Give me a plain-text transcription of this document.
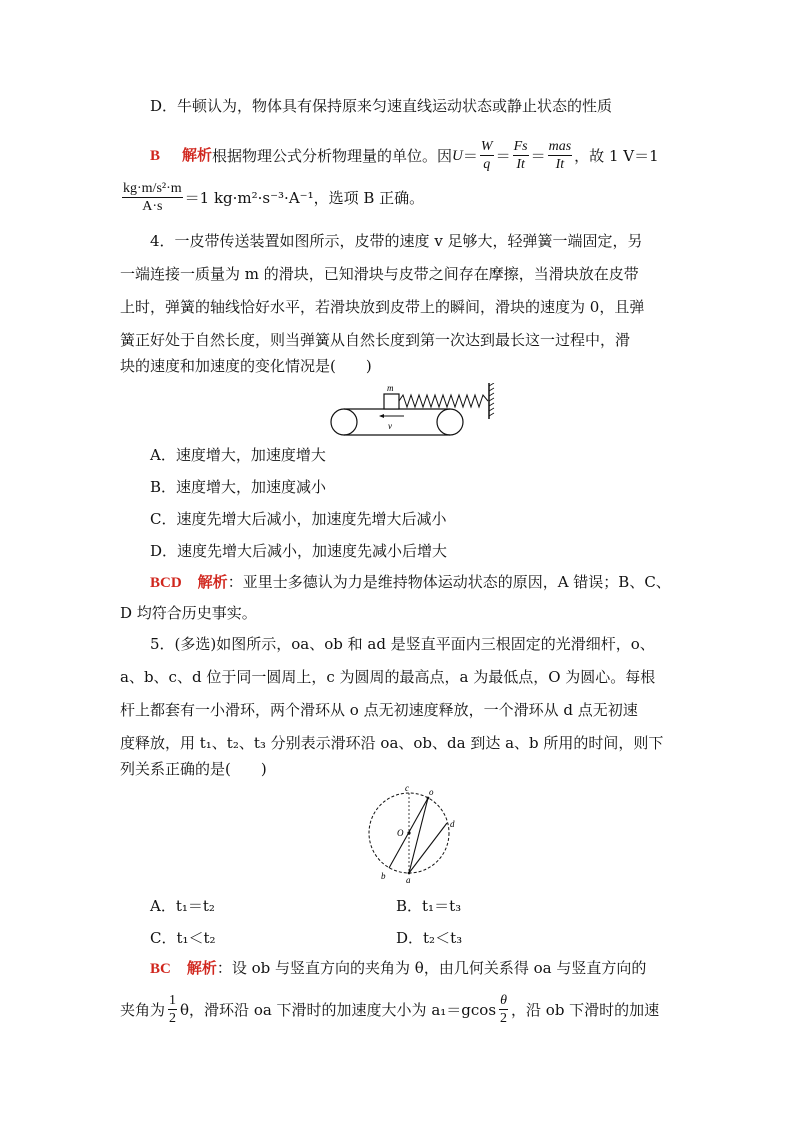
D．牛顿认为，物体具有保持原来匀速直线运动状态或静止状态的性质
B 解析 根据物理公式分析物理量的单位。因 $U = \frac{W}{q} = \frac{Fs}{It} = \frac{\text{mas}}{It}$ ，故 1 V＝1
$\frac{\text{kg·m/s²·m}}{A\cdot s} =1$ kg·m²·s⁻³·A⁻¹，选项 B 正确。
4．一皮带传送装置如图所示，皮带的速度 v 足够大，轻弹簧一端固定，另
一端连接一质量为 m 的滑块，已知滑块与皮带之间存在摩擦，当滑块放在皮带
上时，弹簧的轴线恰好水平，若滑块放到皮带上的瞬间，滑块的速度为 0，且弹
簧正好处于自然长度，则当弹簧从自然长度到第一次达到最长这一过程中，滑
块的速度和加速度的变化情况是(　　)
m
v
A．速度增大，加速度增大
B．速度增大，加速度减小
C．速度先增大后减小，加速度先增大后减小
D．速度先增大后减小，加速度先减小后增大
BCD 解析：亚里士多德认为力是维持物体运动状态的原因，A 错误；B、C、
D 均符合历史事实。
5．(多选)如图所示，oa、ob 和 ad 是竖直平面内三根固定的光滑细杆，o、
a、b、c、d 位于同一圆周上，c 为圆周的最高点，a 为最低点，O 为圆心。每根
杆上都套有一小滑环，两个滑环从 o 点无初速度释放，一个滑环从 d 点无初速
度释放，用 t₁、t₂、t₃ 分别表示滑环沿 oa、ob、da 到达 a、b 所用的时间，则下
列关系正确的是(　　)
c o
O
d
b a
A．t₁＝t₂	B．t₁＝t₃
C．t₁＜t₂	D．t₂＜t₃
BC 解析：设 ob 与竖直方向的夹角为 θ，由几何关系得 oa 与竖直方向的
夹角为 $\frac{1}{2}$ θ，滑环沿 oa 下滑时的加速度大小为 $a_1=gcos \frac{\theta}{2}$ ，沿 ob 下滑时的加速
